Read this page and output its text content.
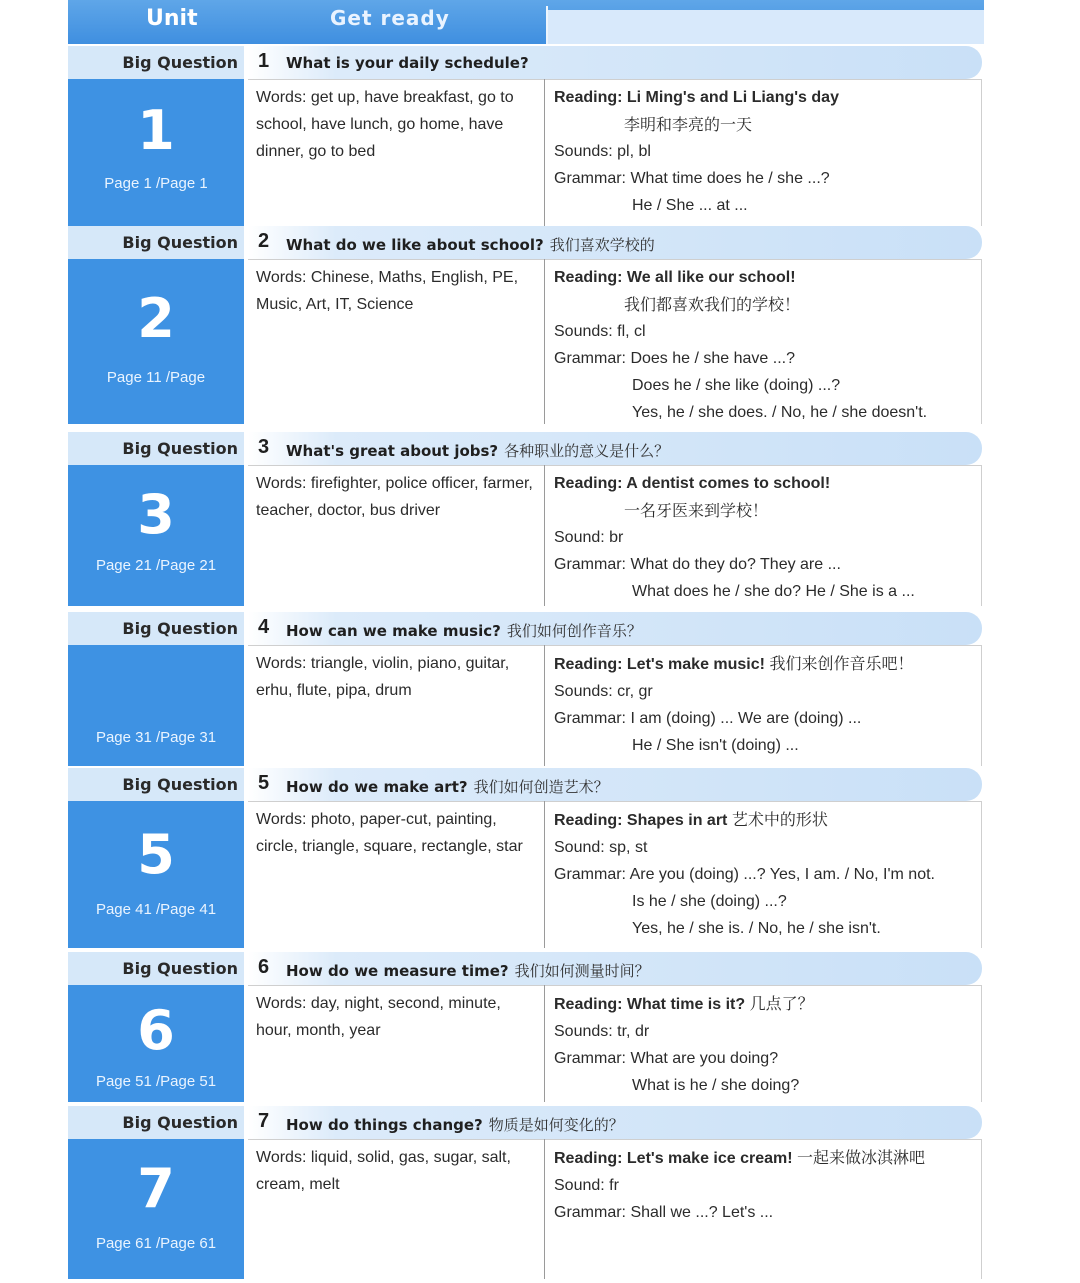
Unit	Get ready
Big Question 1 What is your daily schedule?
1
Page 1 /Page 1
Words: get up, have breakfast, go to school, have lunch, go home, have dinner, go to bed
Reading: Li Ming's and Li Liang's day
李明和李亮的一天
Sounds: pl, bl
Grammar: What time does he / she ...?
He / She ... at ...
Big Question 2 What do we like about school? 我们喜欢学校的
2
Page 11 /Page
Words: Chinese, Maths, English, PE, Music, Art, IT, Science
Reading: We all like our school!
我们都喜欢我们的学校！
Sounds: fl, cl
Grammar: Does he / she have ...?
Does he / she like (doing) ...?
Yes, he / she does. / No, he / she doesn't.
Big Question 3 What's great about jobs? 各种职业的意义是什么？
3
Page 21 /Page 21
Words: firefighter, police officer, farmer, teacher, doctor, bus driver
Reading: A dentist comes to school!
一名牙医来到学校！
Sound: br
Grammar: What do they do? They are ...
What does he / she do? He / She is a ...
Big Question 4 How can we make music? 我们如何创作音乐？
Page 31 /Page 31
Words: triangle, violin, piano, guitar, erhu, flute, pipa, drum
Reading: Let's make music! 我们来创作音乐吧！
Sounds: cr, gr
Grammar: I am (doing) ... We are (doing) ...
He / She isn't (doing) ...
Big Question 5 How do we make art? 我们如何创造艺术？
5
Page 41 /Page 41
Words: photo, paper-cut, painting, circle, triangle, square, rectangle, star
Reading: Shapes in art 艺术中的形状
Sound: sp, st
Grammar: Are you (doing) ...? Yes, I am. / No, I'm not.
Is he / she (doing) ...?
Yes, he / she is. / No, he / she isn't.
Big Question 6 How do we measure time? 我们如何测量时间？
6
Page 51 /Page 51
Words: day, night, second, minute, hour, month, year
Reading: What time is it? 几点了？
Sounds: tr, dr
Grammar: What are you doing?
What is he / she doing?
Big Question 7 How do things change? 物质是如何变化的？
7
Page 61 /Page 61
Words: liquid, solid, gas, sugar, salt, cream, melt
Reading: Let's make ice cream! 一起来做冰淇淋吧
Sound: fr
Grammar: Shall we ...? Let's ...
